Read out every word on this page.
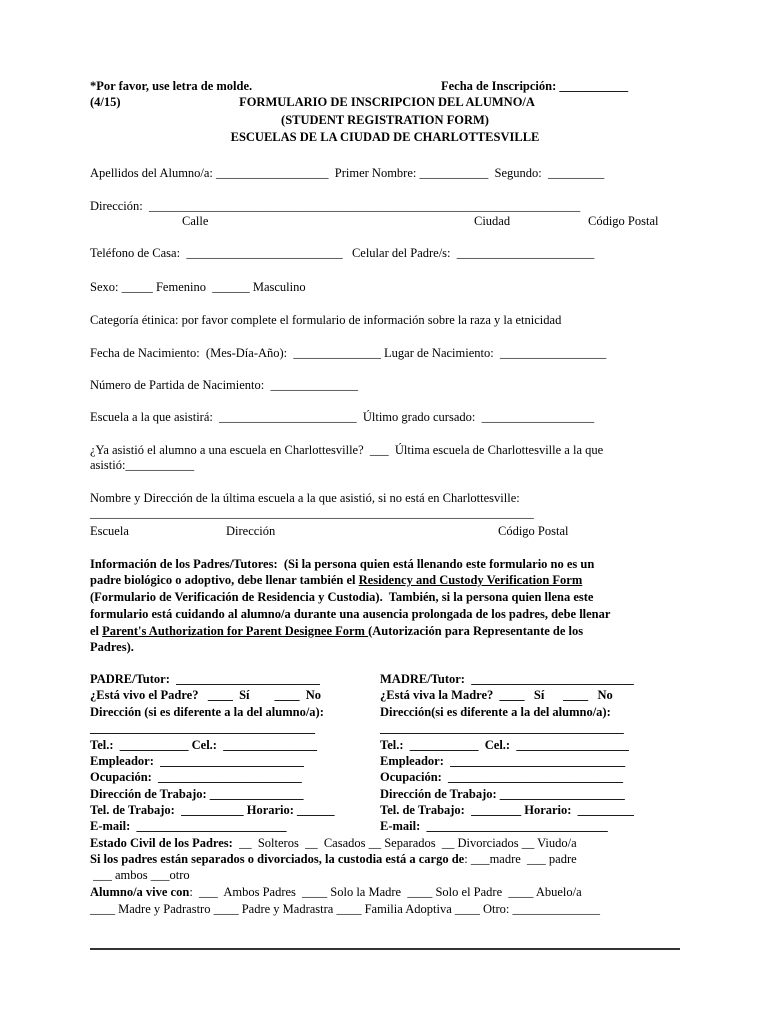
*Por favor, use letra de molde.	Fecha de Inscripción: ___________
(4/15)	FORMULARIO DE INSCRIPCION DEL ALUMNO/A
(STUDENT REGISTRATION FORM)
ESCUELAS DE LA CIUDAD DE CHARLOTTESVILLE
Apellidos del Alumno/a: __________________  Primer Nombre: ___________  Segundo:  _________
Dirección:  _____________________________________________________________________
Calle	Ciudad	Código Postal
Teléfono de Casa:  _________________________   Celular del Padre/s:  ______________________
Sexo: _____ Femenino  ______ Masculino
Categoría étinica: por favor complete el formulario de información sobre la raza y la etnicidad
Fecha de Nacimiento:  (Mes-Día-Año):  ______________ Lugar de Nacimiento:  _________________
Número de Partida de Nacimiento:  ______________
Escuela a la que asistirá:  ______________________  Último grado cursado:  __________________
¿Ya asistió el alumno a una escuela en Charlottesville?  ___  Última escuela de Charlottesville a la que
asistió:___________
Nombre y Dirección de la última escuela a la que asistió, si no está en Charlottesville:
_______________________________________________________________________
Escuela	Dirección	Código Postal
Información de los Padres/Tutores:  (Si la persona quien está llenando este formulario no es un
padre biológico o adoptivo, debe llenar también el Residency and Custody Verification Form
(Formulario de Verificación de Residencia y Custodia).  También, si la persona quien llena este
formulario está cuidando al alumno/a durante una ausencia prolongada de los padres, debe llenar
el Parent's Authorization for Parent Designee Form (Autorización para Representante de los
Padres).
PADRE/Tutor:  _______________________
¿Está vivo el Padre?   ____  Sí        ____  No
Dirección (si es diferente a la del alumno/a):
____________________________________
Tel.:  ___________ Cel.:  _______________
Empleador:  _______________________
Ocupación:  _______________________
Dirección de Trabajo: _______________
Tel. de Trabajo:  __________ Horario: ______
E-mail:  ________________________
MADRE/Tutor:  __________________________
¿Está viva la Madre?  ____   Sí      ____   No
Dirección(si es diferente a la del alumno/a):
_______________________________________
Tel.:  ___________  Cel.:  __________________
Empleador:  ____________________________
Ocupación:  ____________________________
Dirección de Trabajo: ____________________
Tel. de Trabajo:  ________ Horario:  _________
E-mail:  _____________________________
Estado Civil de los Padres:  __  Solteros  __  Casados __ Separados  __ Divorciados __ Viudo/a
Si los padres están separados o divorciados, la custodia está a cargo de: ___madre  ___ padre
___ ambos ___otro
Alumno/a vive con:  ___  Ambos Padres  ____ Solo la Madre  ____ Solo el Padre  ____ Abuelo/a
____ Madre y Padrastro ____ Padre y Madrastra ____ Familia Adoptiva ____ Otro: ______________
